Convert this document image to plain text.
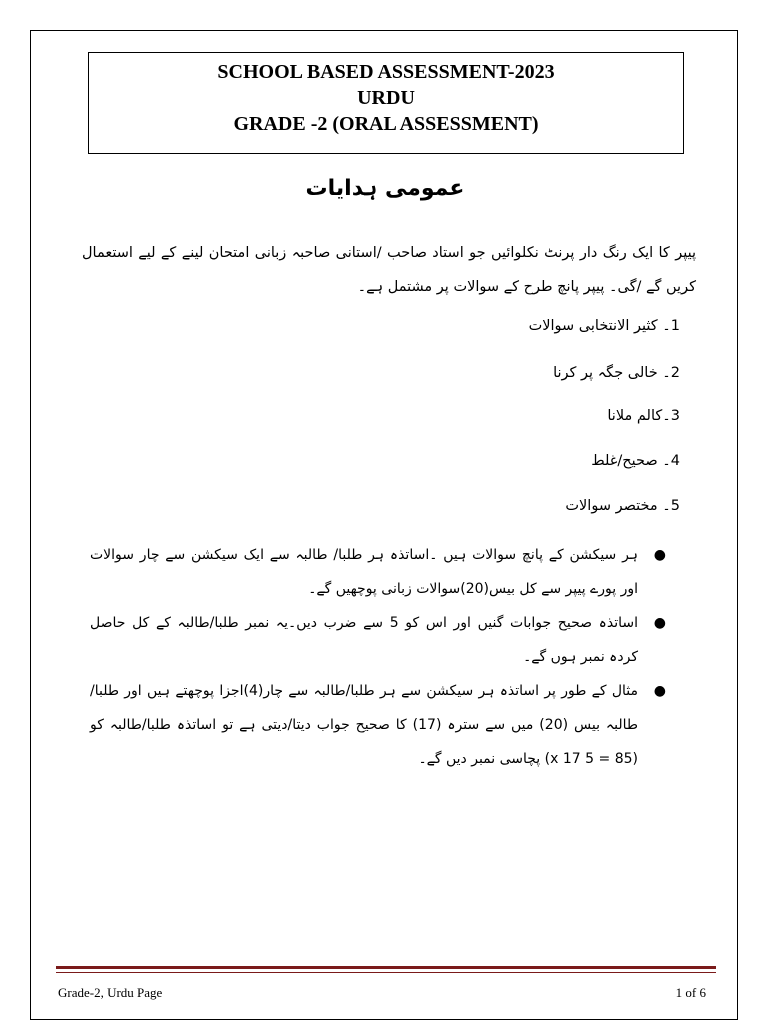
SCHOOL BASED ASSESSMENT-2023
URDU
GRADE -2 (ORAL ASSESSMENT)
عمومی ہدایات
پیپر کا ایک رنگ دار پرنٹ نکلوائیں جو استاد صاحب /استانی صاحبہ زبانی امتحان لینے کے لیے استعمال کریں گے /گی۔ پیپر پانچ طرح کے سوالات پر مشتمل ہے۔
1۔ کثیر الانتخابی سوالات
2۔ خالی جگہ پر کرنا
3۔کالم ملانا
4۔ صحیح/غلط
5۔ مختصر سوالات
●
ہر سیکشن کے پانچ سوالات ہیں ۔اساتذہ ہر طلبا/ طالبہ سے ایک سیکشن سے چار سوالات اور پورے پیپر سے کل بیس(20)سوالات زبانی پوچھیں گے۔
●
اساتذہ صحیح جوابات گنیں اور اس کو 5 سے ضرب دیں۔یہ نمبر طلبا/طالبہ کے کل حاصل کردہ نمبر ہوں گے۔
●
مثال کے طور پر اساتذہ ہر سیکشن سے ہر طلبا/طالبہ سے چار(4)اجزا پوچھتے ہیں اور طلبا/طالبہ بیس (20) میں سے سترہ (17) کا صحیح جواب دیتا/دیتی ہے تو اساتذہ طلبا/طالبہ کو (85 = 5 x 17) پچاسی نمبر دیں گے۔
Grade-2, Urdu Page	1 of 6
